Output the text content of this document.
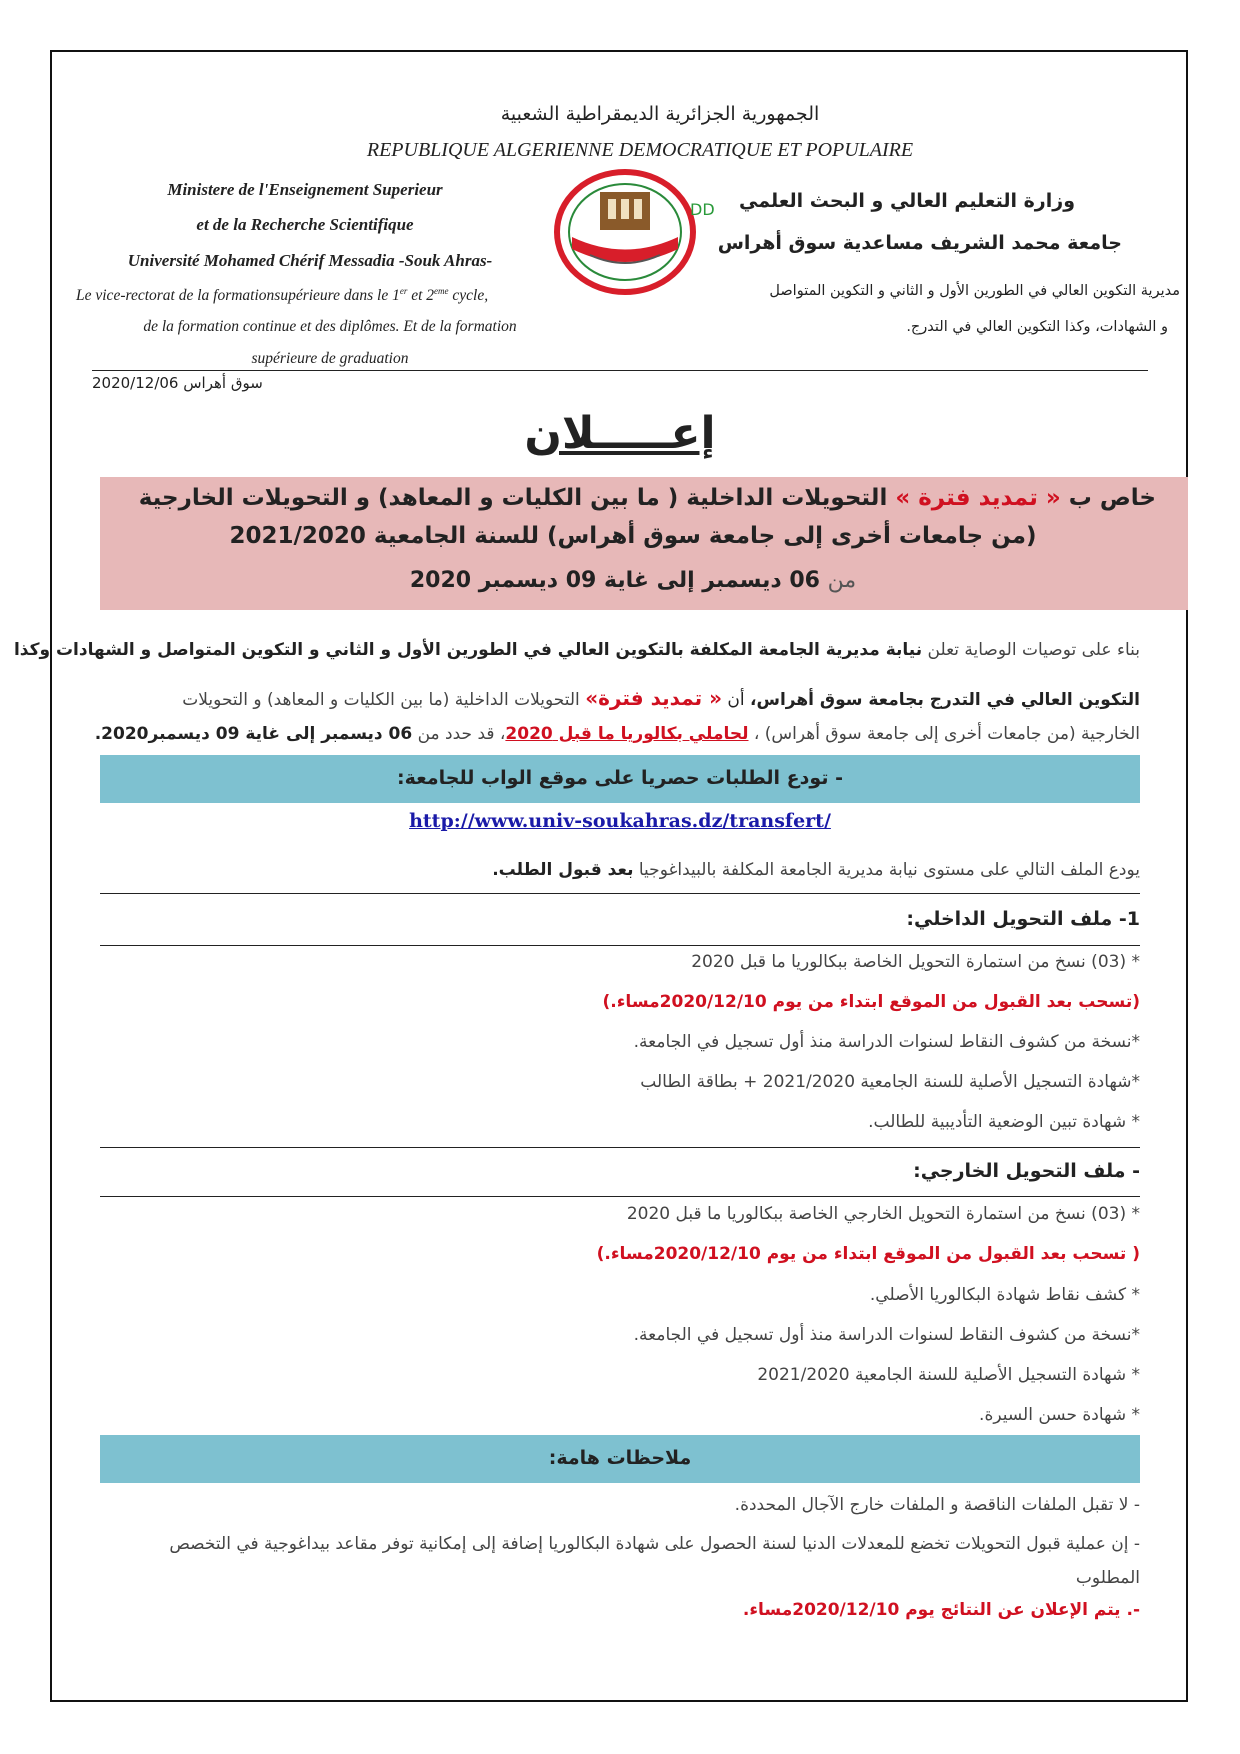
الجمهورية الجزائرية الديمقراطية الشعبية
REPUBLIQUE ALGERIENNE DEMOCRATIQUE ET POPULAIRE
Ministere de l'Enseignement Superieur
et de la Recherche Scientifique
Université Mohamed Chérif Messadia -Souk Ahras-
Le vice-rectorat de la formationsupérieure dans le 1er et 2eme cycle,
de la formation continue et des diplômes. Et de la formation
supérieure de graduation
DD	وزارة التعليم العالي و البحث العلمي
جامعة محمد الشريف مساعدية سوق أهراس
مديرية التكوين العالي في الطورين الأول و الثاني و التكوين المتواصل
و الشهادات، وكذا التكوين العالي في التدرج.
سوق أهراس 2020/12/06
إعـــــلان
خاص ب « تمديد فترة » التحويلات الداخلية ( ما بين الكليات و المعاهد) و التحويلات الخارجية
(من جامعات أخرى إلى جامعة سوق أهراس) للسنة الجامعية 2021/2020
من 06 ديسمبر إلى غاية 09 ديسمبر 2020
بناء على توصيات الوصاية تعلن نيابة مديرية الجامعة المكلفة بالتكوين العالي في الطورين الأول و الثاني و التكوين المتواصل و الشهادات وكذا
التكوين العالي في التدرج بجامعة سوق أهراس، أن « تمديد فترة» التحويلات الداخلية (ما بين الكليات و المعاهد) و التحويلات
الخارجية (من جامعات أخرى إلى جامعة سوق أهراس) ، لحاملي بكالوريا ما قبل 2020، قد حدد من 06 ديسمبر إلى غاية 09 ديسمبر2020.
- تودع الطلبات حصريا على موقع الواب للجامعة:
http://www.univ-soukahras.dz/transfert/
يودع الملف التالي على مستوى نيابة مديرية الجامعة المكلفة بالبيداغوجيا بعد قبول الطلب.
1- ملف التحويل الداخلي:
* (03) نسخ من استمارة التحويل الخاصة ببكالوريا ما قبل 2020
(تسحب بعد القبول من الموقع ابتداء من يوم 2020/12/10مساء.)
*نسخة من كشوف النقاط لسنوات الدراسة منذ أول تسجيل في الجامعة.
*شهادة التسجيل الأصلية للسنة الجامعية 2021/2020 + بطاقة الطالب
* شهادة تبين الوضعية التأديبية للطالب.
- ملف التحويل الخارجي:
* (03) نسخ من استمارة التحويل الخارجي الخاصة ببكالوريا ما قبل 2020
( تسحب بعد القبول من الموقع ابتداء من يوم 2020/12/10مساء.)
* كشف نقاط شهادة البكالوريا الأصلي.
*نسخة من كشوف النقاط لسنوات الدراسة منذ أول تسجيل في الجامعة.
* شهادة التسجيل الأصلية للسنة الجامعية 2021/2020
* شهادة حسن السيرة.
ملاحظات هامة:
- لا تقبل الملفات الناقصة و الملفات خارج الآجال المحددة.
- إن عملية قبول التحويلات تخضع للمعدلات الدنيا لسنة الحصول على شهادة البكالوريا إضافة إلى إمكانية توفر مقاعد بيداغوجية في التخصص
المطلوب
-. يتم الإعلان عن النتائج يوم 2020/12/10مساء.
